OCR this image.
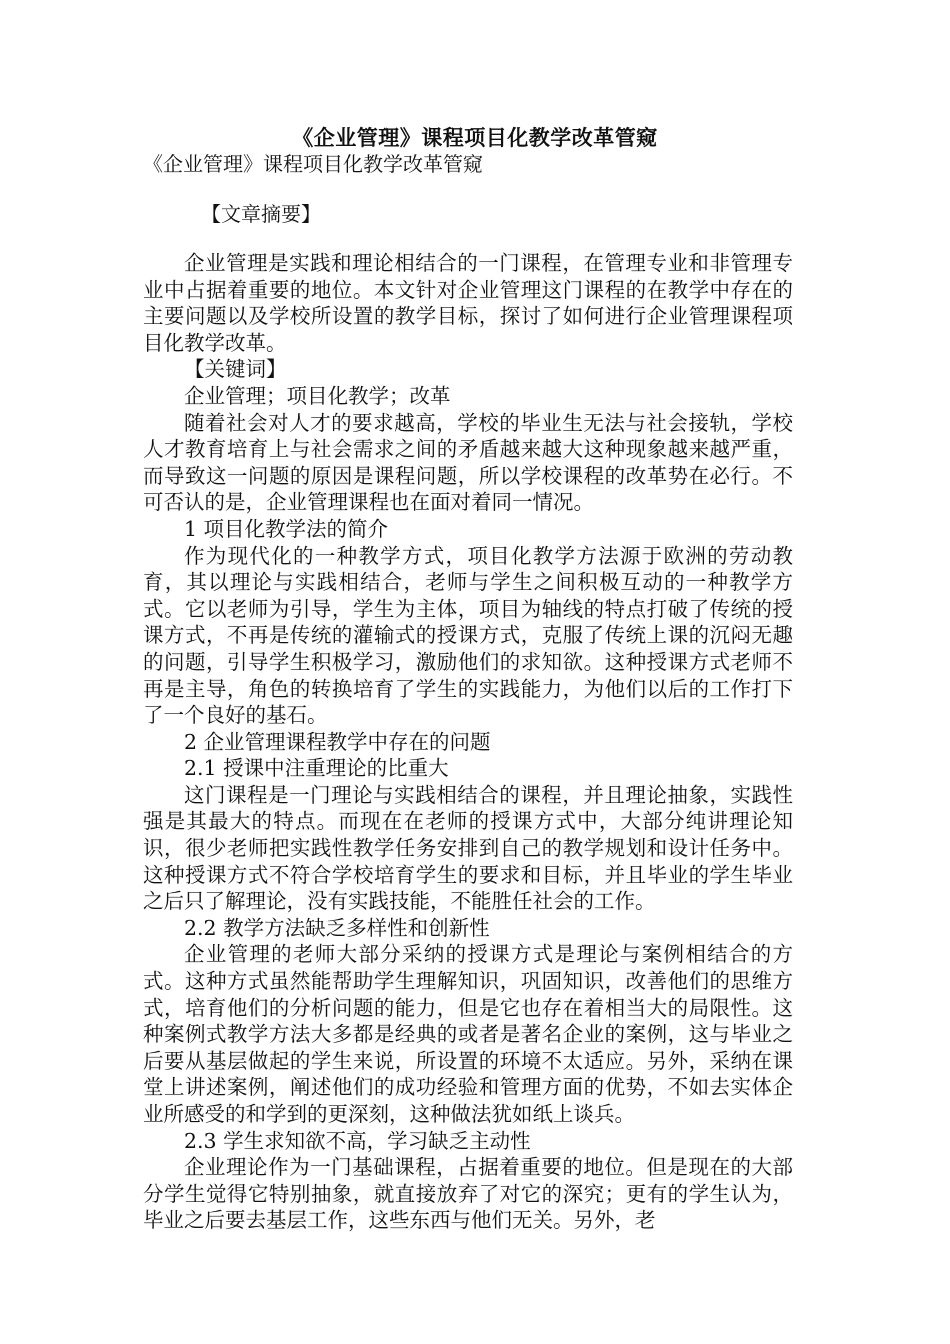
《企业管理》课程项目化教学改革管窥

《企业管理》课程项目化教学改革管窥

【文章摘要】

企业管理是实践和理论相结合的一门课程，在管理专业和非管理专业中占据着重要的地位。本文针对企业管理这门课程的在教学中存在的主要问题以及学校所设置的教学目标，探讨了如何进行企业管理课程项目化教学改革。

【关键词】

企业管理；项目化教学；改革

随着社会对人才的要求越高，学校的毕业生无法与社会接轨，学校人才教育培育上与社会需求之间的矛盾越来越大这种现象越来越严重，而导致这一问题的原因是课程问题，所以学校课程的改革势在必行。不可否认的是，企业管理课程也在面对着同一情况。

1 项目化教学法的简介

作为现代化的一种教学方式，项目化教学方法源于欧洲的劳动教育，其以理论与实践相结合，老师与学生之间积极互动的一种教学方式。它以老师为引导，学生为主体，项目为轴线的特点打破了传统的授课方式，不再是传统的灌输式的授课方式，克服了传统上课的沉闷无趣的问题，引导学生积极学习，激励他们的求知欲。这种授课方式老师不再是主导，角色的转换培育了学生的实践能力，为他们以后的工作打下了一个良好的基石。

2 企业管理课程教学中存在的问题

2.1 授课中注重理论的比重大

这门课程是一门理论与实践相结合的课程，并且理论抽象，实践性强是其最大的特点。而现在在老师的授课方式中，大部分纯讲理论知识，很少老师把实践性教学任务安排到自己的教学规划和设计任务中。这种授课方式不符合学校培育学生的要求和目标，并且毕业的学生毕业之后只了解理论，没有实践技能，不能胜任社会的工作。

2.2 教学方法缺乏多样性和创新性

企业管理的老师大部分采纳的授课方式是理论与案例相结合的方式。这种方式虽然能帮助学生理解知识，巩固知识，改善他们的思维方式，培育他们的分析问题的能力，但是它也存在着相当大的局限性。这种案例式教学方法大多都是经典的或者是著名企业的案例，这与毕业之后要从基层做起的学生来说，所设置的环境不太适应。另外，采纳在课堂上讲述案例，阐述他们的成功经验和管理方面的优势，不如去实体企业所感受的和学到的更深刻，这种做法犹如纸上谈兵。

2.3 学生求知欲不高，学习缺乏主动性

企业理论作为一门基础课程，占据着重要的地位。但是现在的大部分学生觉得它特别抽象，就直接放弃了对它的深究；更有的学生认为，毕业之后要去基层工作，这些东西与他们无关。另外，老
